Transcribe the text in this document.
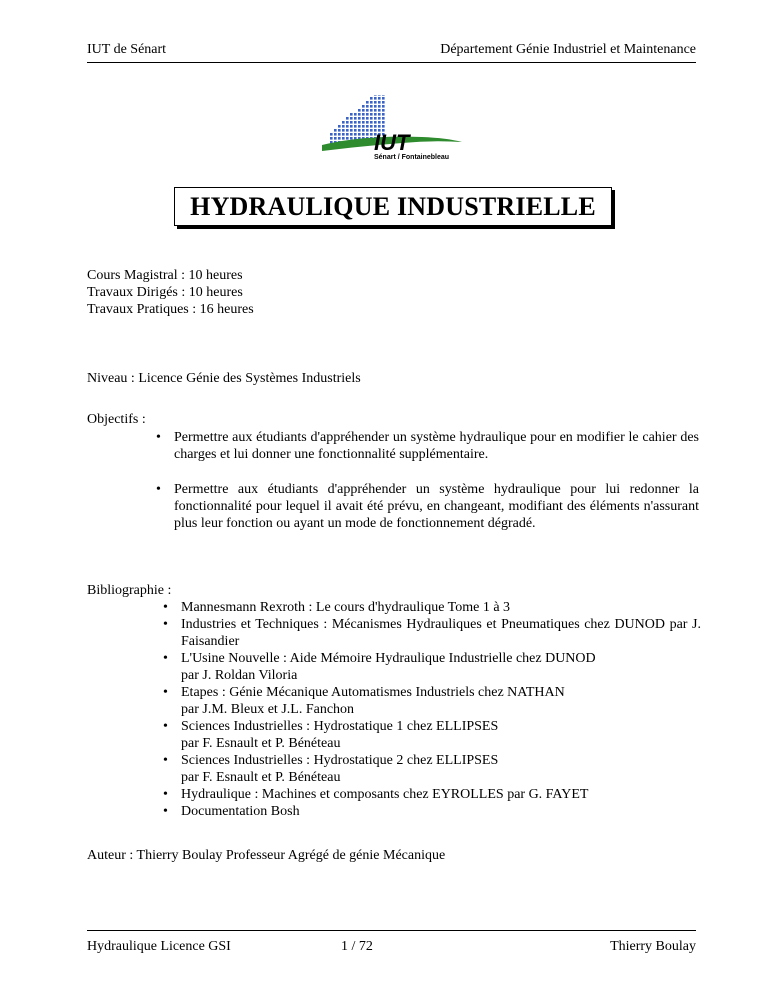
IUT de Sénart	Département Génie Industriel et Maintenance
IUT
Sénart / Fontainebleau
HYDRAULIQUE INDUSTRIELLE
Cours Magistral : 10 heures
Travaux Dirigés : 10 heures
Travaux Pratiques : 16 heures
Niveau : Licence Génie des Systèmes Industriels
Objectifs :
• Permettre aux étudiants d'appréhender un système hydraulique pour en modifier le cahier des charges et lui donner une fonctionnalité supplémentaire.
• Permettre aux étudiants d'appréhender un système hydraulique pour lui redonner la fonctionnalité pour lequel il avait été prévu, en changeant, modifiant des éléments n'assurant plus leur fonction ou ayant un mode de fonctionnement dégradé.
Bibliographie :
• Mannesmann Rexroth : Le cours d'hydraulique Tome 1 à 3
• Industries et Techniques : Mécanismes Hydrauliques et Pneumatiques chez DUNOD par J. Faisandier
• L'Usine Nouvelle : Aide Mémoire Hydraulique Industrielle chez DUNOD
par J. Roldan Viloria
• Etapes : Génie Mécanique Automatismes Industriels chez NATHAN
par J.M. Bleux et J.L. Fanchon
• Sciences Industrielles : Hydrostatique 1 chez ELLIPSES
par F. Esnault et P. Bénéteau
• Sciences Industrielles : Hydrostatique 2 chez ELLIPSES
par F. Esnault et P. Bénéteau
• Hydraulique : Machines et composants chez EYROLLES par G. FAYET
• Documentation Bosh
Auteur : Thierry Boulay Professeur Agrégé de génie Mécanique
Hydraulique Licence GSI	1 / 72	Thierry Boulay
